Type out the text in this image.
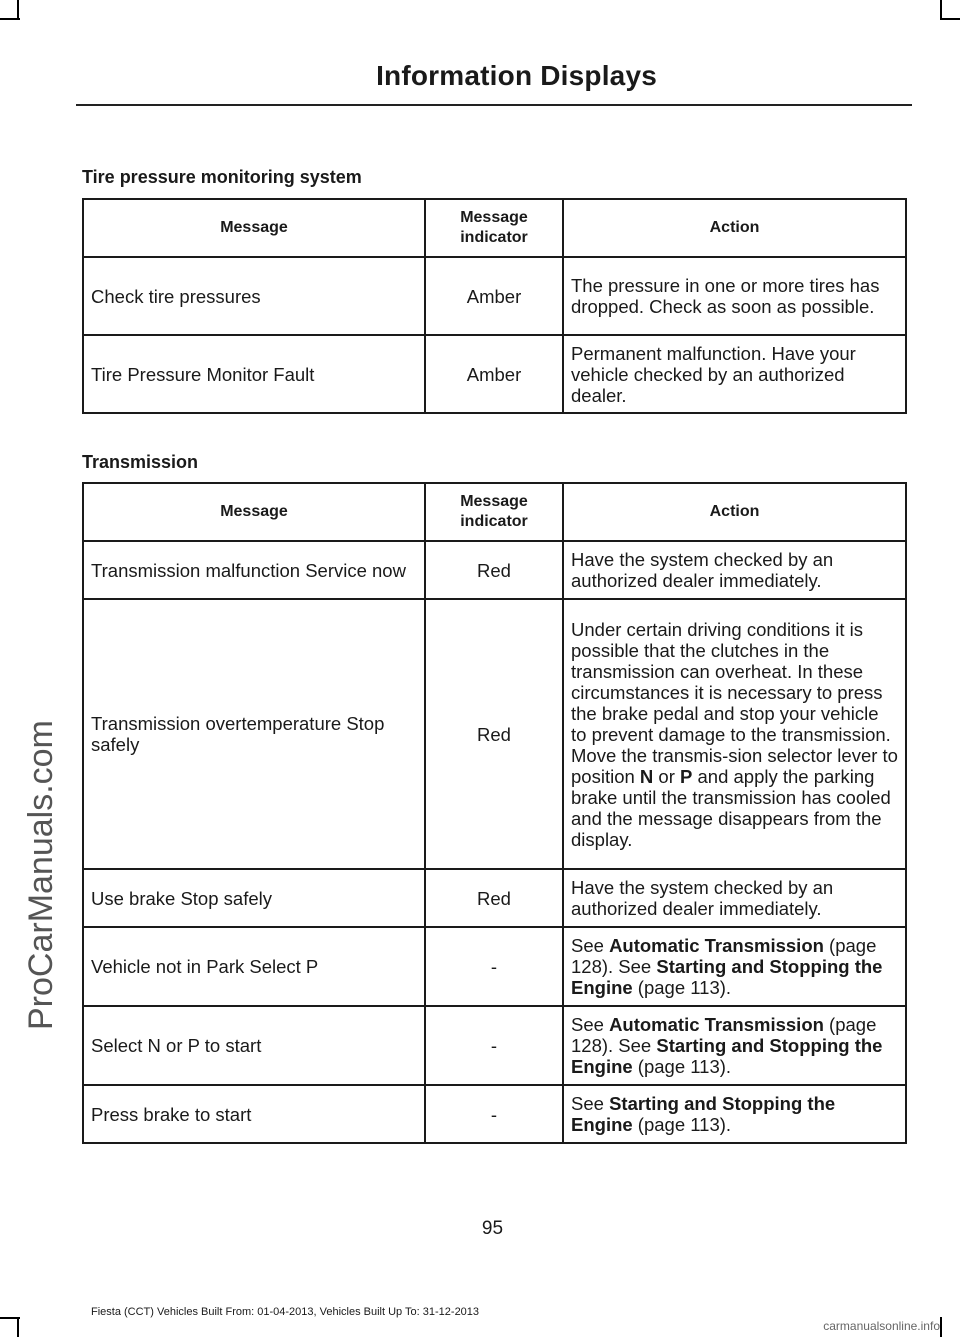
Information Displays
ProCarManuals.com
Tire pressure monitoring system
Message	Message indicator	Action
Check tire pressures	Amber	The pressure in one or more tires has dropped. Check as soon as possible.
Tire Pressure Monitor Fault	Amber	Permanent malfunction. Have your vehicle checked by an authorized dealer.
Transmission
Message	Message indicator	Action
Transmission malfunction Service now	Red	Have the system checked by an authorized dealer immediately.
Transmission overtemperature Stop safely	Red	Under certain driving conditions it is possible that the clutches in the transmission can overheat. In these circumstances it is necessary to press the brake pedal and stop your vehicle to prevent damage to the transmission. Move the transmis-sion selector lever to position N or P and apply the parking brake until the transmission has cooled and the message disappears from the display.
Use brake Stop safely	Red	Have the system checked by an authorized dealer immediately.
Vehicle not in Park Select P	-	See Automatic Transmission (page 128). See Starting and Stopping the Engine (page 113).
Select N or P to start	-	See Automatic Transmission (page 128). See Starting and Stopping the Engine (page 113).
Press brake to start	-	See Starting and Stopping the Engine (page 113).
95
Fiesta (CCT) Vehicles Built From: 01-04-2013, Vehicles Built Up To: 31-12-2013
carmanualsonline.info
